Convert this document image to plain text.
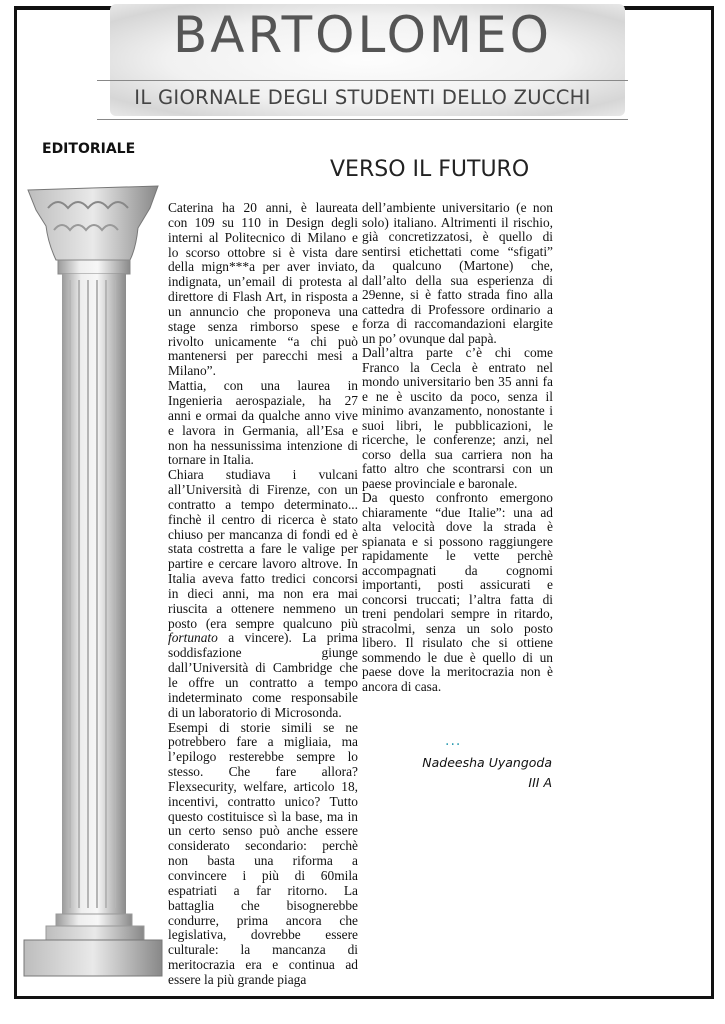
BARTOLOMEO
IL GIORNALE DEGLI STUDENTI DELLO ZUCCHI
EDITORIALE
VERSO IL FUTURO
Caterina ha 20 anni, è laureata
con 109 su 110 in Design degli
interni al Politecnico di Milano e
lo scorso ottobre si è vista dare
della mign***a per aver inviato,
indignata, un’email di protesta al
direttore di Flash Art, in risposta a
un annuncio che proponeva una
stage senza rimborso spese e
rivolto unicamente “a chi può
mantenersi per parecchi mesi a
Milano”.
Mattia, con una laurea in
Ingenieria aerospaziale, ha 27
anni e ormai da qualche anno vive
e lavora in Germania, all’Esa e
non ha nessunissima intenzione di
tornare in Italia.
Chiara studiava i vulcani
all’Università di Firenze, con un
contratto a tempo determinato...
finchè il centro di ricerca è stato
chiuso per mancanza di fondi ed è
stata costretta a fare le valige per
partire e cercare lavoro altrove. In
Italia aveva fatto tredici concorsi
in dieci anni, ma non era mai
riuscita a ottenere nemmeno un
posto (era sempre qualcuno più
fortunato a vincere). La prima
soddisfazione giunge
dall’Università di Cambridge che
le offre un contratto a tempo
indeterminato come responsabile
di un laboratorio di Microsonda.
Esempi di storie simili se ne
potrebbero fare a migliaia, ma
l’epilogo resterebbe sempre lo
stesso. Che fare allora?
Flexsecurity, welfare, articolo 18,
incentivi, contratto unico? Tutto
questo costituisce sì la base, ma in
un certo senso può anche essere
considerato secondario: perchè
non basta una riforma a
convincere i più di 60mila
espatriati a far ritorno. La
battaglia che bisognerebbe
condurre, prima ancora che
legislativa, dovrebbe essere
culturale: la mancanza di
meritocrazia era e continua ad
essere la più grande piaga
dell’ambiente universitario (e non
solo) italiano. Altrimenti il rischio,
già concretizzatosi, è quello di
sentirsi etichettati come “sfigati”
da qualcuno (Martone) che,
dall’alto della sua esperienza di
29enne, si è fatto strada fino alla
cattedra di Professore ordinario a
forza di raccomandazioni elargite
un po’ ovunque dal papà.
Dall’altra parte c’è chi come
Franco la Cecla è entrato nel
mondo universitario ben 35 anni fa
e ne è uscito da poco, senza il
minimo avanzamento, nonostante i
suoi libri, le pubblicazioni, le
ricerche, le conferenze; anzi, nel
corso della sua carriera non ha
fatto altro che scontrarsi con un
paese provinciale e baronale.
Da questo confronto emergono
chiaramente “due Italie”: una ad
alta velocità dove la strada è
spianata e si possono raggiungere
rapidamente le vette perchè
accompagnati da cognomi
importanti, posti assicurati e
concorsi truccati; l’altra fatta di
treni pendolari sempre in ritardo,
stracolmi, senza un solo posto
libero. Il risulato che si ottiene
sommendo le due è quello di un
paese dove la meritocrazia non è
ancora di casa.
...
Nadeesha Uyangoda
III A
